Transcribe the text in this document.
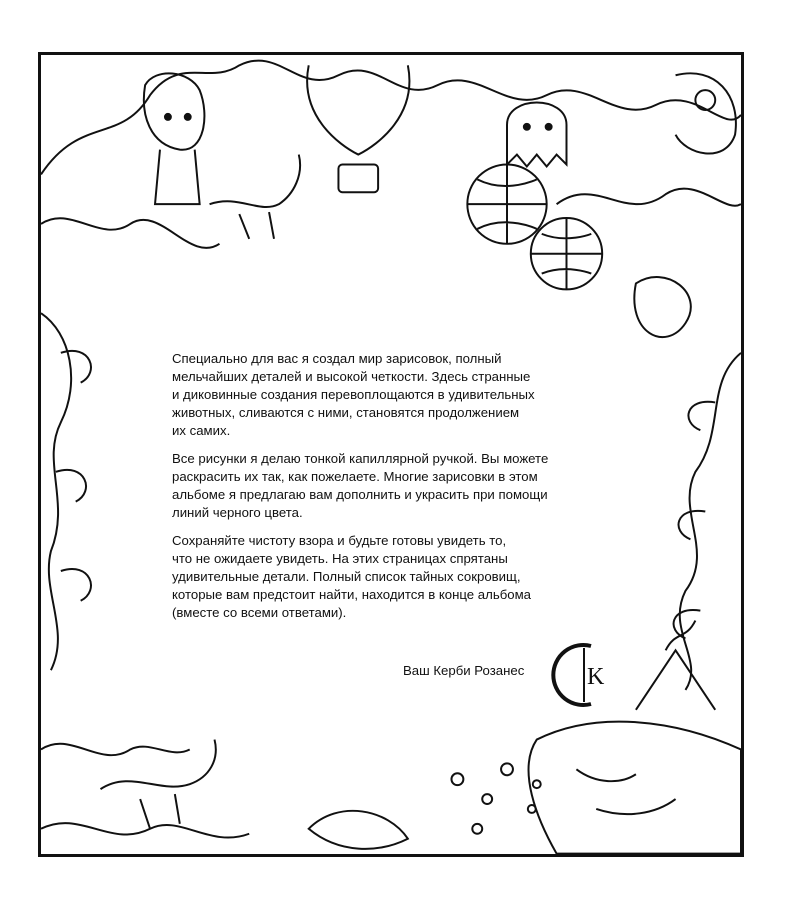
Специально для вас я создал мир зарисовок, полный
мельчайших деталей и высокой четкости. Здесь странные
и диковинные создания перевоплощаются в удивительных
животных, сливаются с ними, становятся продолжением
их самих.

Все рисунки я делаю тонкой капиллярной ручкой. Вы можете
раскрасить их так, как пожелаете. Многие зарисовки в этом
альбоме я предлагаю вам дополнить и украсить при помощи
линий черного цвета.

Сохраняйте чистоту взора и будьте готовы увидеть то,
что не ожидаете увидеть. На этих страницах спрятаны
удивительные детали. Полный список тайных сокровищ,
которые вам предстоит найти, находится в конце альбома
(вместе со всеми ответами).

Ваш Керби Розанес	K
